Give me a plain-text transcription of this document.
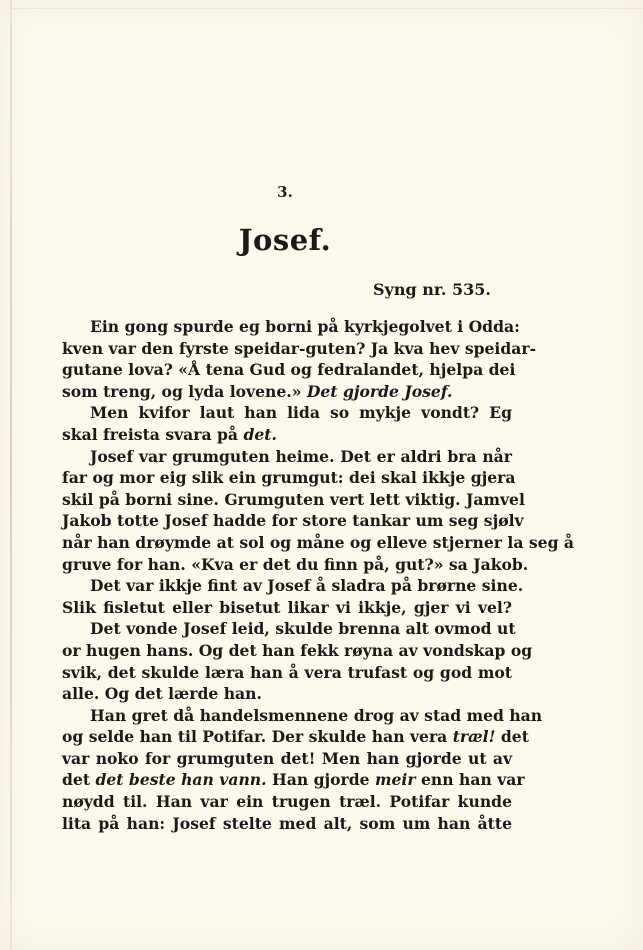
3.
Josef.
Syng nr. 535.
Ein gong spurde eg borni på kyrkjegolvet i Odda:
kven var den fyrste speidar-guten? Ja kva hev speidar-
gutane lova? «Å tena Gud og fedralandet, hjelpa dei
som treng, og lyda lovene.» Det gjorde Josef.
Men kvifor laut han lida so mykje vondt? Eg
skal freista svara på det.
Josef var grumguten heime. Det er aldri bra når
far og mor eig slik ein grumgut: dei skal ikkje gjera
skil på borni sine. Grumguten vert lett viktig. Jamvel
Jakob totte Josef hadde for store tankar um seg sjølv
når han drøymde at sol og måne og elleve stjerner la seg å
gruve for han. «Kva er det du finn på, gut?» sa Jakob.
Det var ikkje fint av Josef å sladra på brørne sine.
Slik fisletut eller bisetut likar vi ikkje, gjer vi vel?
Det vonde Josef leid, skulde brenna alt ovmod ut
or hugen hans. Og det han fekk røyna av vondskap og
svik, det skulde læra han å vera trufast og god mot
alle. Og det lærde han.
Han gret då handelsmennene drog av stad med han
og selde han til Potifar. Der skulde han vera træl! det
var noko for grumguten det! Men han gjorde ut av
det det beste han vann. Han gjorde meir enn han var
nøydd til. Han var ein trugen træl. Potifar kunde
lita på han: Josef stelte med alt, som um han åtte
